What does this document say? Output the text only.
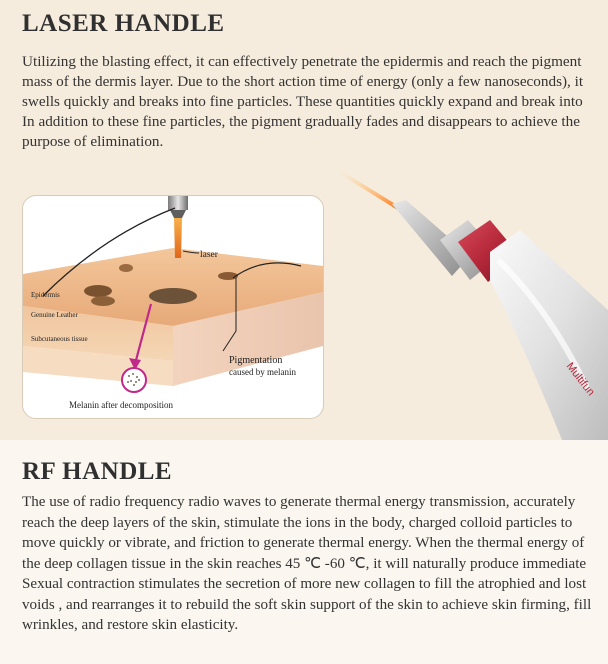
LASER HANDLE

Utilizing the blasting effect, it can effectively penetrate the epidermis and reach the pigment mass of the dermis layer. Due to the short action time of energy (only a few nanoseconds), it swells quickly and breaks into fine particles. These quantities quickly expand and break into In addition to these fine particles, the pigment gradually fades and disappears to achieve the purpose of elimination.

laser
Epidermis
Genuine Leather
Subcutaneous tissue
Pigmentation
caused by melanin
Melanin after decomposition
Multifun
RF HANDLE

The use of radio frequency radio waves to generate thermal energy transmission, accurately reach the deep layers of the skin, stimulate the ions in the body, charged colloid particles to move quickly or vibrate, and friction to generate thermal energy. When the thermal energy of the deep collagen tissue in the skin reaches 45 ℃ -60 ℃, it will naturally produce immediate Sexual contraction stimulates the secretion of more new collagen to fill the atrophied and lost voids , and rearranges it to rebuild the soft skin support of the skin to achieve skin firming, fill wrinkles, and restore skin elasticity.
